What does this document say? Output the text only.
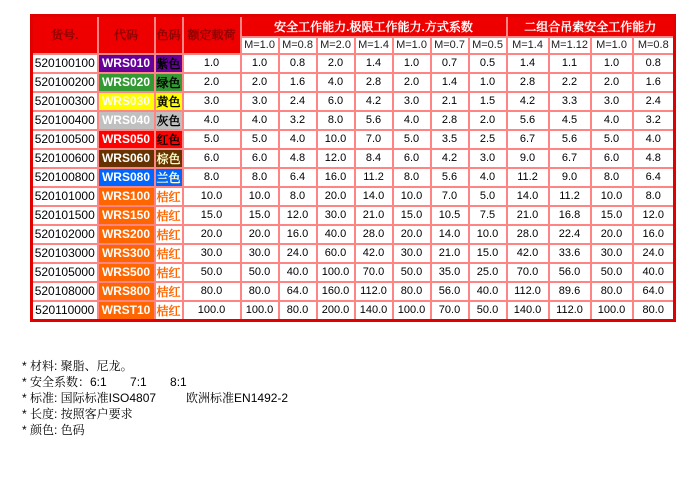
货号.	代码	色码	额定载荷	安全工作能力.极限工作能力.方式系数							二组合吊索安全工作能力			
				M=1.0	M=0.8	M=2.0	M=1.4	M=1.0	M=0.7	M=0.5	M=1.4	M=1.12	M=1.0	M=0.8
520100100	WRS010	紫色	1.0	1.0	0.8	2.0	1.4	1.0	0.7	0.5	1.4	1.1	1.0	0.8
520100200	WRS020	绿色	2.0	2.0	1.6	4.0	2.8	2.0	1.4	1.0	2.8	2.2	2.0	1.6
520100300	WRS030	黄色	3.0	3.0	2.4	6.0	4.2	3.0	2.1	1.5	4.2	3.3	3.0	2.4
520100400	WRS040	灰色	4.0	4.0	3.2	8.0	5.6	4.0	2.8	2.0	5.6	4.5	4.0	3.2
520100500	WRS050	红色	5.0	5.0	4.0	10.0	7.0	5.0	3.5	2.5	6.7	5.6	5.0	4.0
520100600	WRS060	棕色	6.0	6.0	4.8	12.0	8.4	6.0	4.2	3.0	9.0	6.7	6.0	4.8
520100800	WRS080	兰色	8.0	8.0	6.4	16.0	11.2	8.0	5.6	4.0	11.2	9.0	8.0	6.4
520101000	WRS100	桔红	10.0	10.0	8.0	20.0	14.0	10.0	7.0	5.0	14.0	11.2	10.0	8.0
520101500	WRS150	桔红	15.0	15.0	12.0	30.0	21.0	15.0	10.5	7.5	21.0	16.8	15.0	12.0
520102000	WRS200	桔红	20.0	20.0	16.0	40.0	28.0	20.0	14.0	10.0	28.0	22.4	20.0	16.0
520103000	WRS300	桔红	30.0	30.0	24.0	60.0	42.0	30.0	21.0	15.0	42.0	33.6	30.0	24.0
520105000	WRS500	桔红	50.0	50.0	40.0	100.0	70.0	50.0	35.0	25.0	70.0	56.0	50.0	40.0
520108000	WRS800	桔红	80.0	80.0	64.0	160.0	112.0	80.0	56.0	40.0	112.0	89.6	80.0	64.0
520110000	WRST10	桔红	100.0	100.0	80.0	200.0	140.0	100.0	70.0	50.0	140.0	112.0	100.0	80.0
* 材料: 聚脂、尼龙。
* 安全系数：6:1       7:1       8:1
* 标准: 国际标准ISO4807         欧洲标准EN1492-2
* 长度: 按照客户要求
* 颜色: 色码
